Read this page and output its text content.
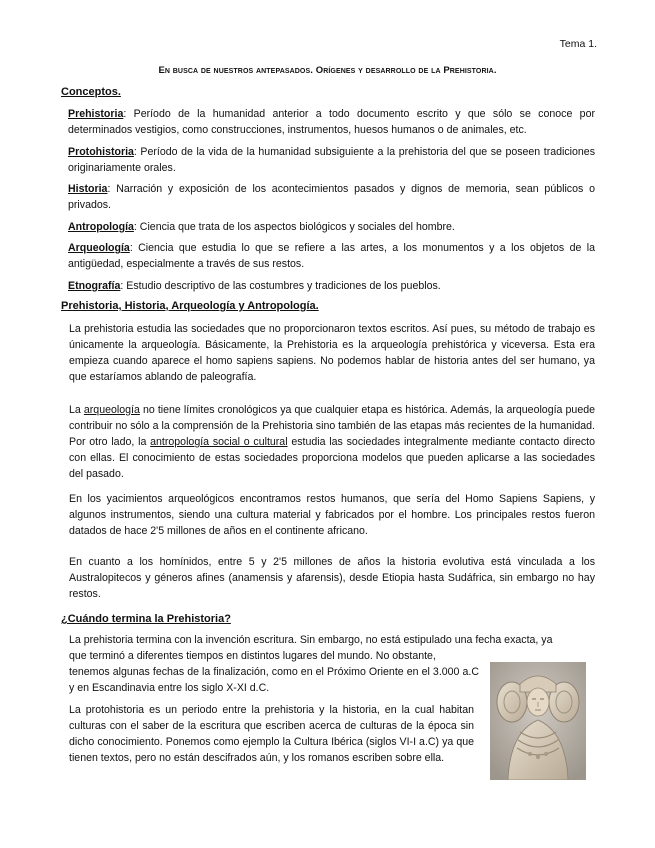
Tema 1.
En busca de nuestros antepasados. Orígenes y desarrollo de la Prehistoria.
Conceptos.

Prehistoria: Período de la humanidad anterior a todo documento escrito y que sólo se conoce por determinados vestigios, como construcciones, instrumentos, huesos humanos o de animales, etc.

Protohistoria: Período de la vida de la humanidad subsiguiente a la prehistoria del que se poseen tradiciones originariamente orales.

Historia: Narración y exposición de los acontecimientos pasados y dignos de memoria, sean públicos o privados.

Antropología: Ciencia que trata de los aspectos biológicos y sociales del hombre.

Arqueología: Ciencia que estudia lo que se refiere a las artes, a los monumentos y a los objetos de la antigüedad, especialmente a través de sus restos.

Etnografía: Estudio descriptivo de las costumbres y tradiciones de los pueblos.

Prehistoria, Historia, Arqueología y Antropología.

La prehistoria estudia las sociedades que no proporcionaron textos escritos. Así pues, su método de trabajo es únicamente la arqueología. Básicamente, la Prehistoria es la arqueología prehistórica y viceversa. Esta era empieza cuando aparece el homo sapiens sapiens. No podemos hablar de historia antes del ser humano, ya que estaríamos ablando de paleografía.

La arqueología no tiene límites cronológicos ya que cualquier etapa es histórica. Además, la arqueología puede contribuir no sólo a la comprensión de la Prehistoria sino también de las etapas más recientes de la humanidad. Por otro lado, la antropología social o cultural estudia las sociedades integralmente mediante contacto directo con ellas. El conocimiento de estas sociedades proporciona modelos que pueden aplicarse a las sociedades del pasado.

En los yacimientos arqueológicos encontramos restos humanos, que sería del Homo Sapiens Sapiens, y algunos instrumentos, siendo una cultura material y fabricados por el hombre. Los principales restos fueron datados de hace 2'5 millones de años en el continente africano.

En cuanto a los homínidos, entre 5 y 2'5 millones de años la historia evolutiva está vinculada a los Australopitecos y géneros afines (anamensis y afarensis), desde Etiopia hasta Sudáfrica, sin embargo no hay restos.

¿Cuándo termina la Prehistoria?

La prehistoria termina con la invención escritura. Sin embargo, no está estipulado una fecha exacta, ya

que terminó a diferentes tiempos en distintos lugares del mundo. No obstante,

tenemos algunas fechas de la finalización, como en el Próximo Oriente en el 3.000 a.C y en Escandinavia entre los siglo X-XI d.C.

La protohistoria es un periodo entre la prehistoria y la historia, en la cual habitan culturas con el saber de la escritura que escriben acerca de culturas de la época sin dicho conocimiento. Ponemos como ejemplo la Cultura Ibérica (siglos VI-I a.C) ya que tienen textos, pero no están descifrados aún, y los romanos escriben sobre ella.
